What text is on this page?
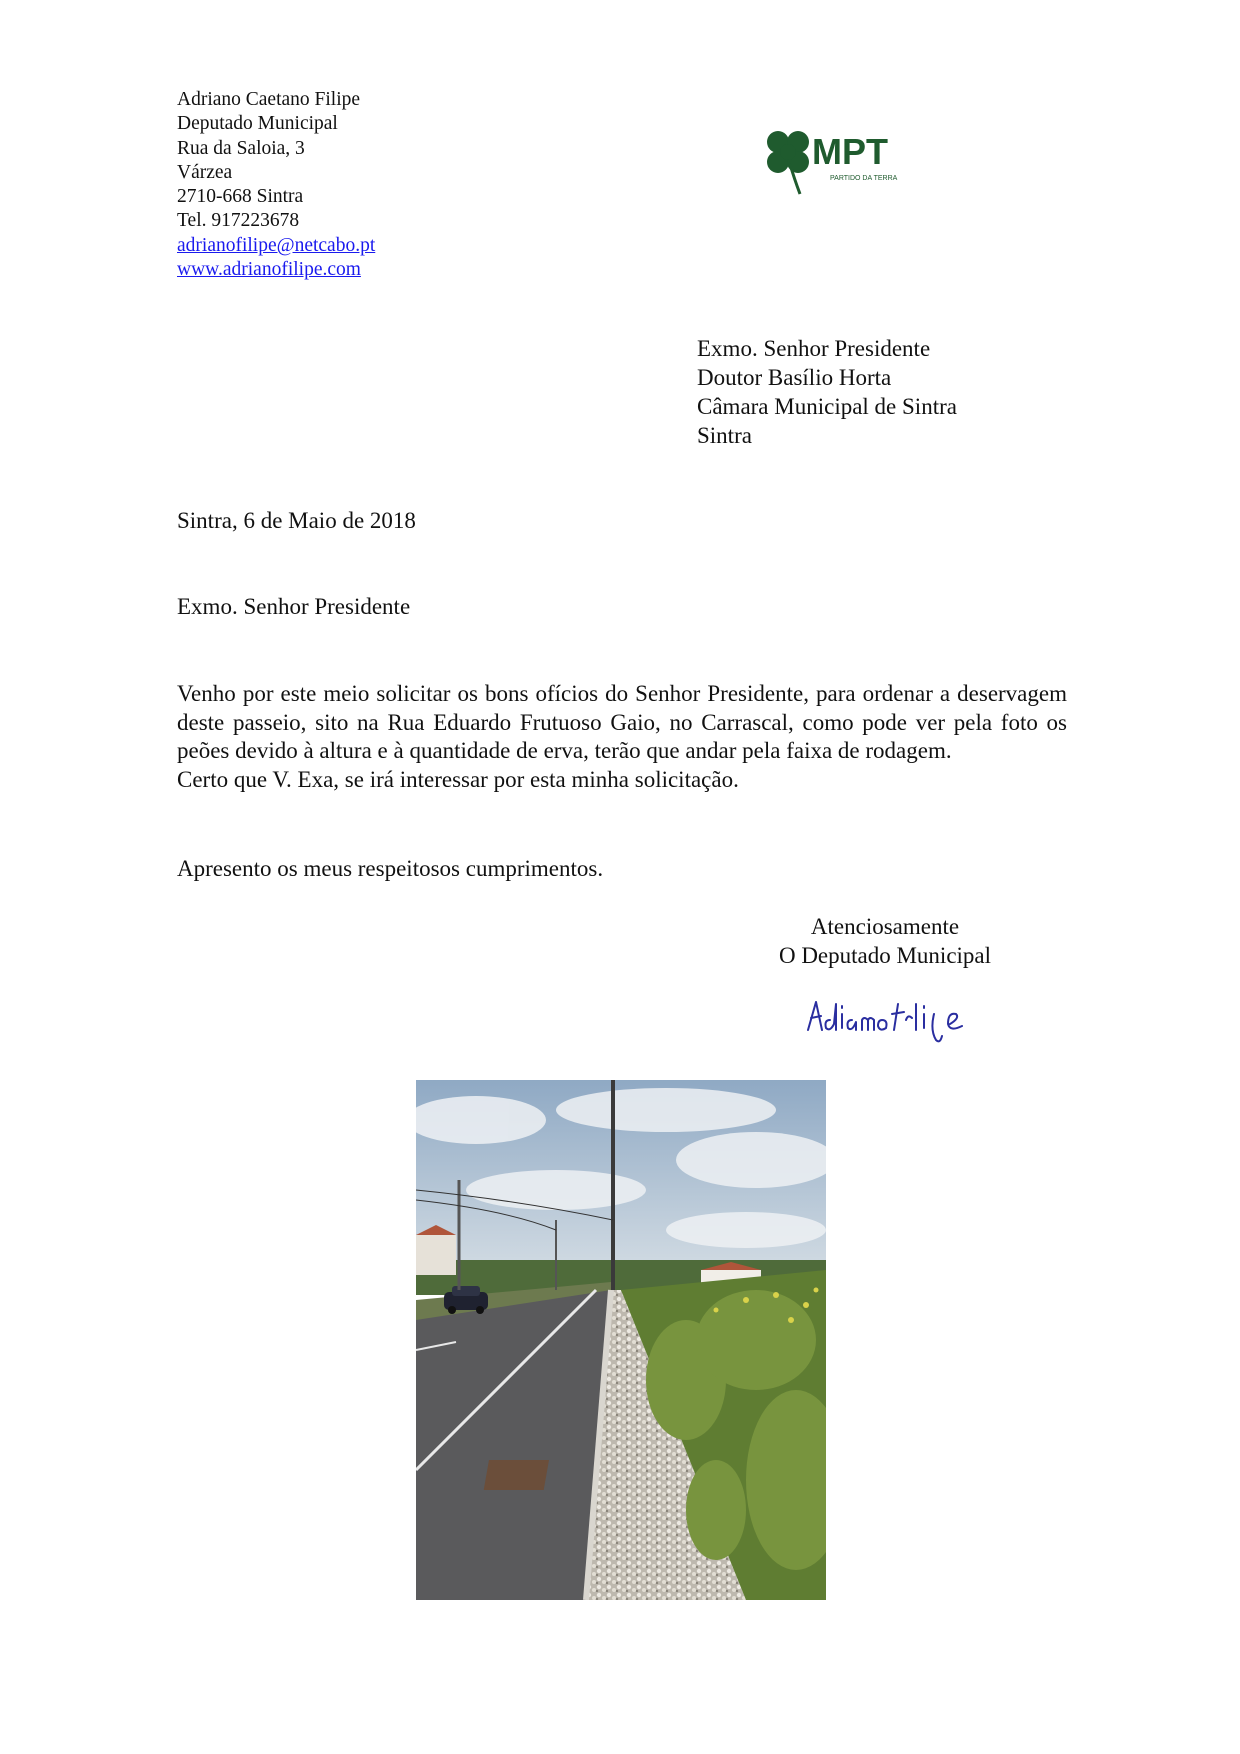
Adriano Caetano Filipe
Deputado Municipal
Rua da Saloia, 3
Várzea
2710-668 Sintra
Tel. 917223678
adrianofilipe@netcabo.pt
www.adrianofilipe.com
MPT
PARTIDO DA TERRA
Exmo. Senhor Presidente
Doutor Basílio Horta
Câmara Municipal de Sintra
Sintra
Sintra, 6 de Maio de 2018
Exmo. Senhor Presidente

Venho por este meio solicitar os bons ofícios do Senhor Presidente, para ordenar a deservagem deste passeio, sito na Rua Eduardo Frutuoso Gaio, no Carrascal, como pode ver pela foto os peões devido à altura e à quantidade de erva, terão que andar pela faixa de rodagem.

Certo que V. Exa, se irá interessar por esta minha solicitação.

Apresento os meus respeitosos cumprimentos.
Atenciosamente
O Deputado Municipal
